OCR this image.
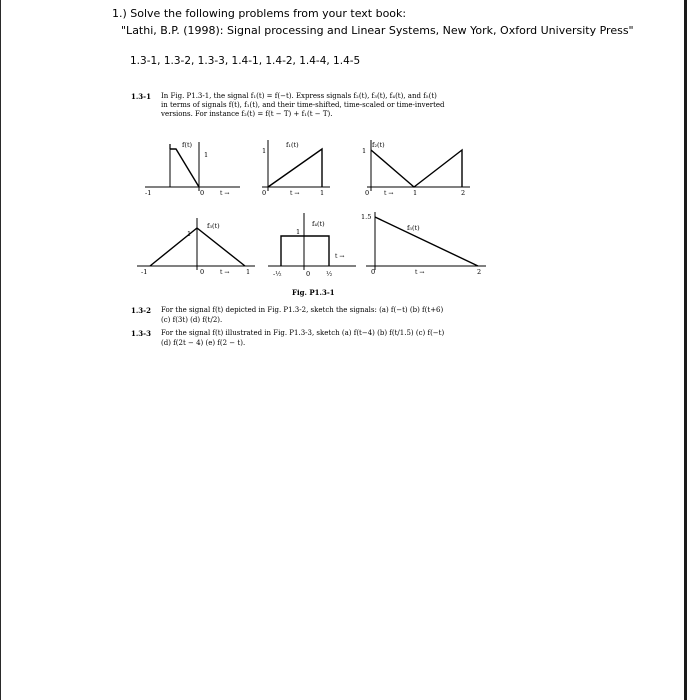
1.) Solve the following problems from your text book:
"Lathi, B.P. (1998): Signal processing and Linear Systems, New York, Oxford University Press"
1.3-1, 1.3-2, 1.3-3, 1.4-1, 1.4-2, 1.4-4, 1.4-5
1.3-1 In Fig. P1.3-1, the signal f₁(t) = f(−t). Express signals f₂(t), f₃(t), f₄(t), and f₅(t)
in terms of signals f(t), f₁(t), and their time-shifted, time-scaled or time-inverted
versions. For instance f₂(t) = f(t − T) + f₁(t − T).
f(t)
-1	0
1
t →
f₁(t)
0	1
1
t →
f₂(t)
1
0	1	2
t →
f₃(t)
1
-1	0	1
t →
f₄(t)
1
-½	0 ½
t →
f₅(t)
1.5
0	2
t →
Fig. P1.3-1
1.3-2 For the signal f(t) depicted in Fig. P1.3-2, sketch the signals: (a) f(−t) (b) f(t+6)
(c) f(3t) (d) f(t/2).
1.3-3 For the signal f(t) illustrated in Fig. P1.3-3, sketch (a) f(t−4) (b) f(t/1.5) (c) f(−t)
(d) f(2t − 4) (e) f(2 − t).
